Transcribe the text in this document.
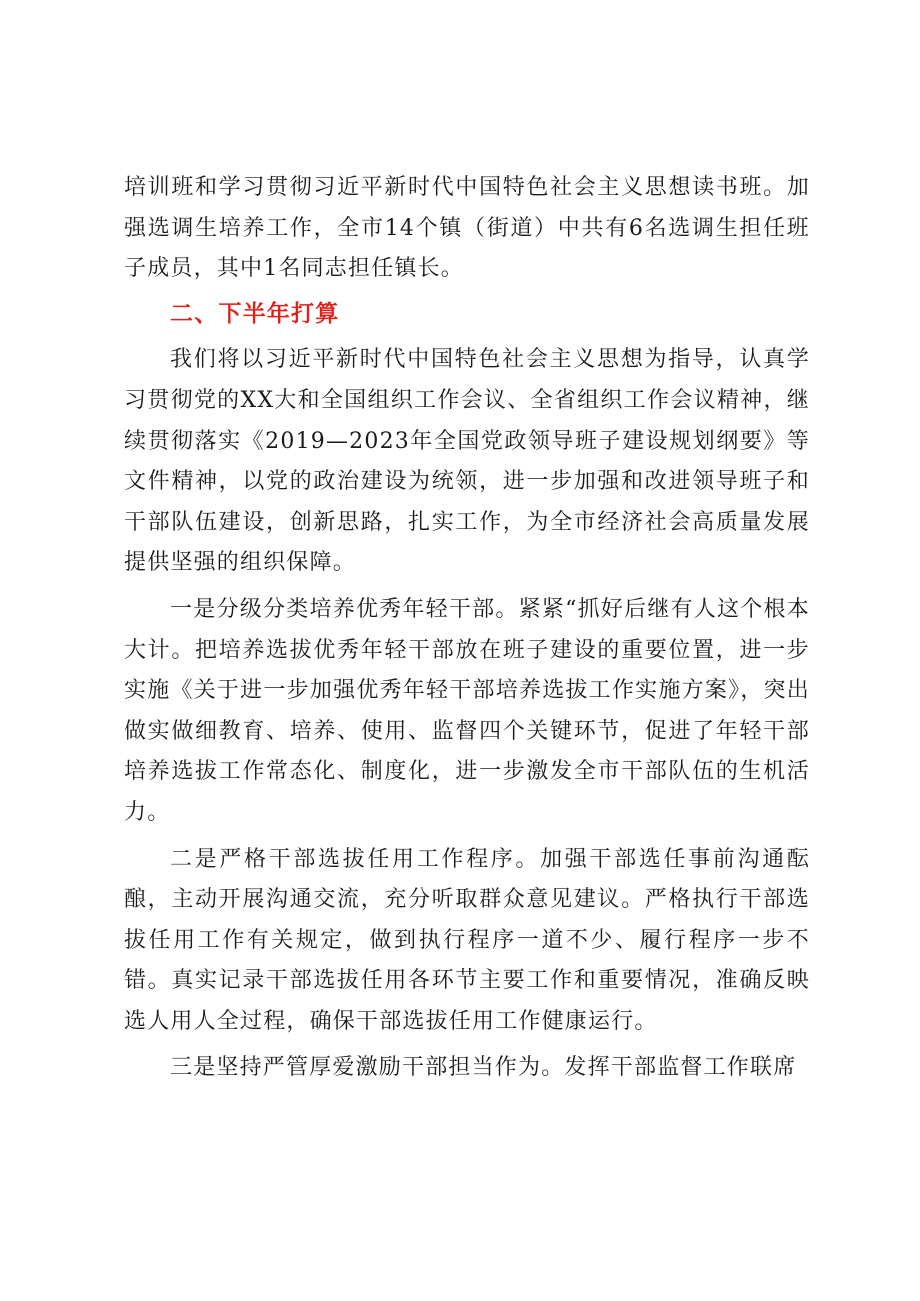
培训班和学习贯彻习近平新时代中国特色社会主义思想读书班。加强选调生培养工作，全市14个镇（街道）中共有6名选调生担任班子成员，其中1名同志担任镇长。

二、下半年打算

我们将以习近平新时代中国特色社会主义思想为指导，认真学习贯彻党的XX大和全国组织工作会议、全省组织工作会议精神，继续贯彻落实《2019—2023年全国党政领导班子建设规划纲要》等文件精神，以党的政治建设为统领，进一步加强和改进领导班子和干部队伍建设，创新思路，扎实工作，为全市经济社会高质量发展提供坚强的组织保障。

一是分级分类培养优秀年轻干部。紧紧“抓好后继有人这个根本大计。把培养选拔优秀年轻干部放在班子建设的重要位置，进一步实施《关于进一步加强优秀年轻干部培养选拔工作实施方案》，突出做实做细教育、培养、使用、监督四个关键环节，促进了年轻干部培养选拔工作常态化、制度化，进一步激发全市干部队伍的生机活力。

二是严格干部选拔任用工作程序。加强干部选任事前沟通酝酿，主动开展沟通交流，充分听取群众意见建议。严格执行干部选拔任用工作有关规定，做到执行程序一道不少、履行程序一步不错。真实记录干部选拔任用各环节主要工作和重要情况，准确反映选人用人全过程，确保干部选拔任用工作健康运行。

三是坚持严管厚爱激励干部担当作为。发挥干部监督工作联席
